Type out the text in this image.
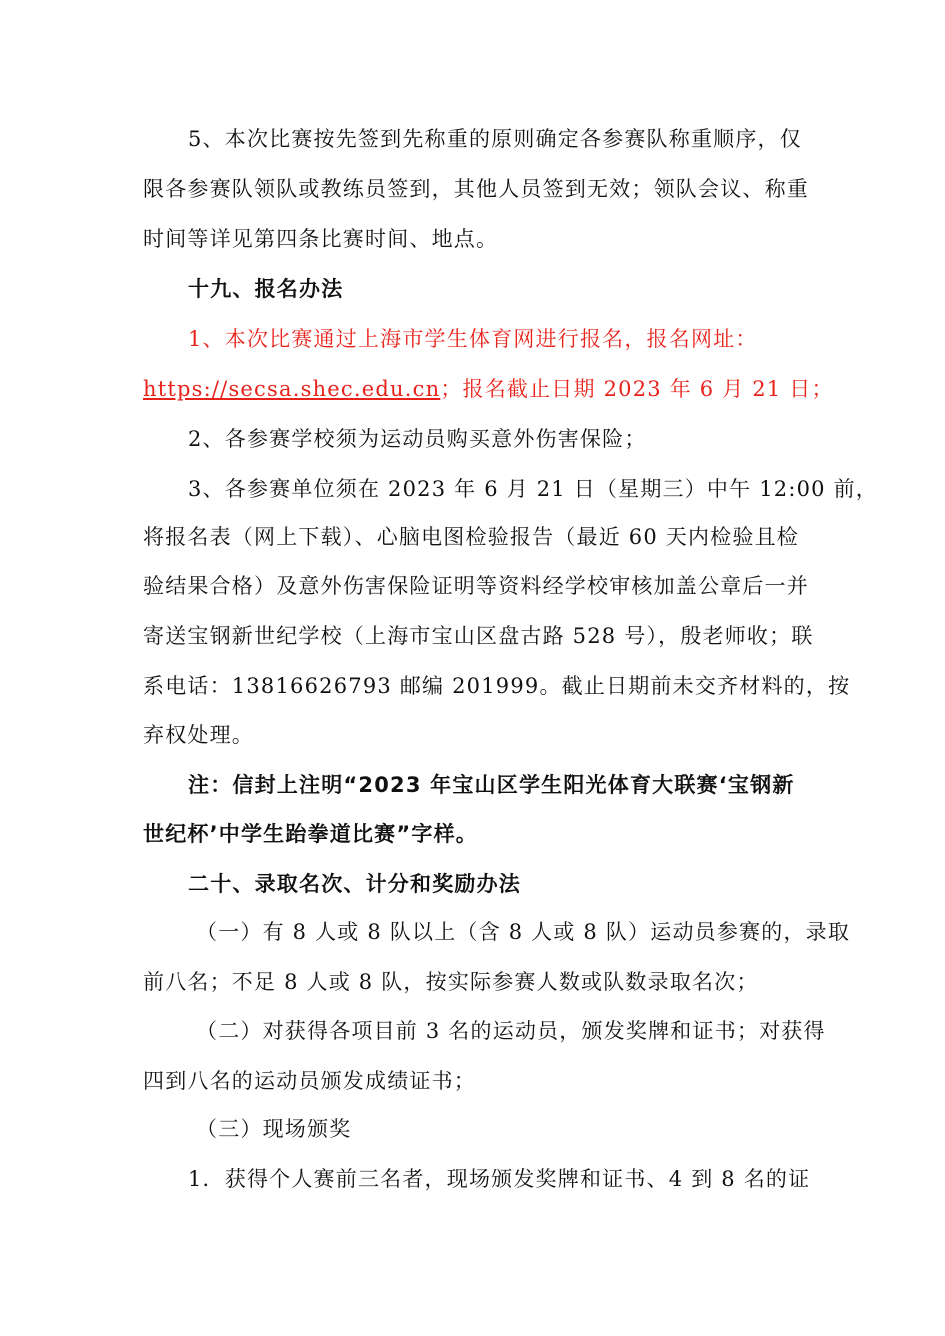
5、本次比赛按先签到先称重的原则确定各参赛队称重顺序，仅
限各参赛队领队或教练员签到，其他人员签到无效；领队会议、称重
时间等详见第四条比赛时间、地点。
十九、报名办法
1、本次比赛通过上海市学生体育网进行报名，报名网址：
https://secsa.shec.edu.cn；报名截止日期 2023 年 6 月 21 日；
2、各参赛学校须为运动员购买意外伤害保险；
3、各参赛单位须在 2023 年 6 月 21 日（星期三）中午 12:00 前，
将报名表（网上下载）、心脑电图检验报告（最近 60 天内检验且检
验结果合格）及意外伤害保险证明等资料经学校审核加盖公章后一并
寄送宝钢新世纪学校（上海市宝山区盘古路 528 号），殷老师收；联
系电话：13816626793 邮编 201999。截止日期前未交齐材料的，按
弃权处理。
注：信封上注明“2023 年宝山区学生阳光体育大联赛‘宝钢新
世纪杯’中学生跆拳道比赛”字样。
二十、录取名次、计分和奖励办法
（一）有 8 人或 8 队以上（含 8 人或 8 队）运动员参赛的，录取
前八名；不足 8 人或 8 队，按实际参赛人数或队数录取名次；
（二）对获得各项目前 3 名的运动员，颁发奖牌和证书；对获得
四到八名的运动员颁发成绩证书；
（三）现场颁奖
1．获得个人赛前三名者，现场颁发奖牌和证书、4 到 8 名的证
